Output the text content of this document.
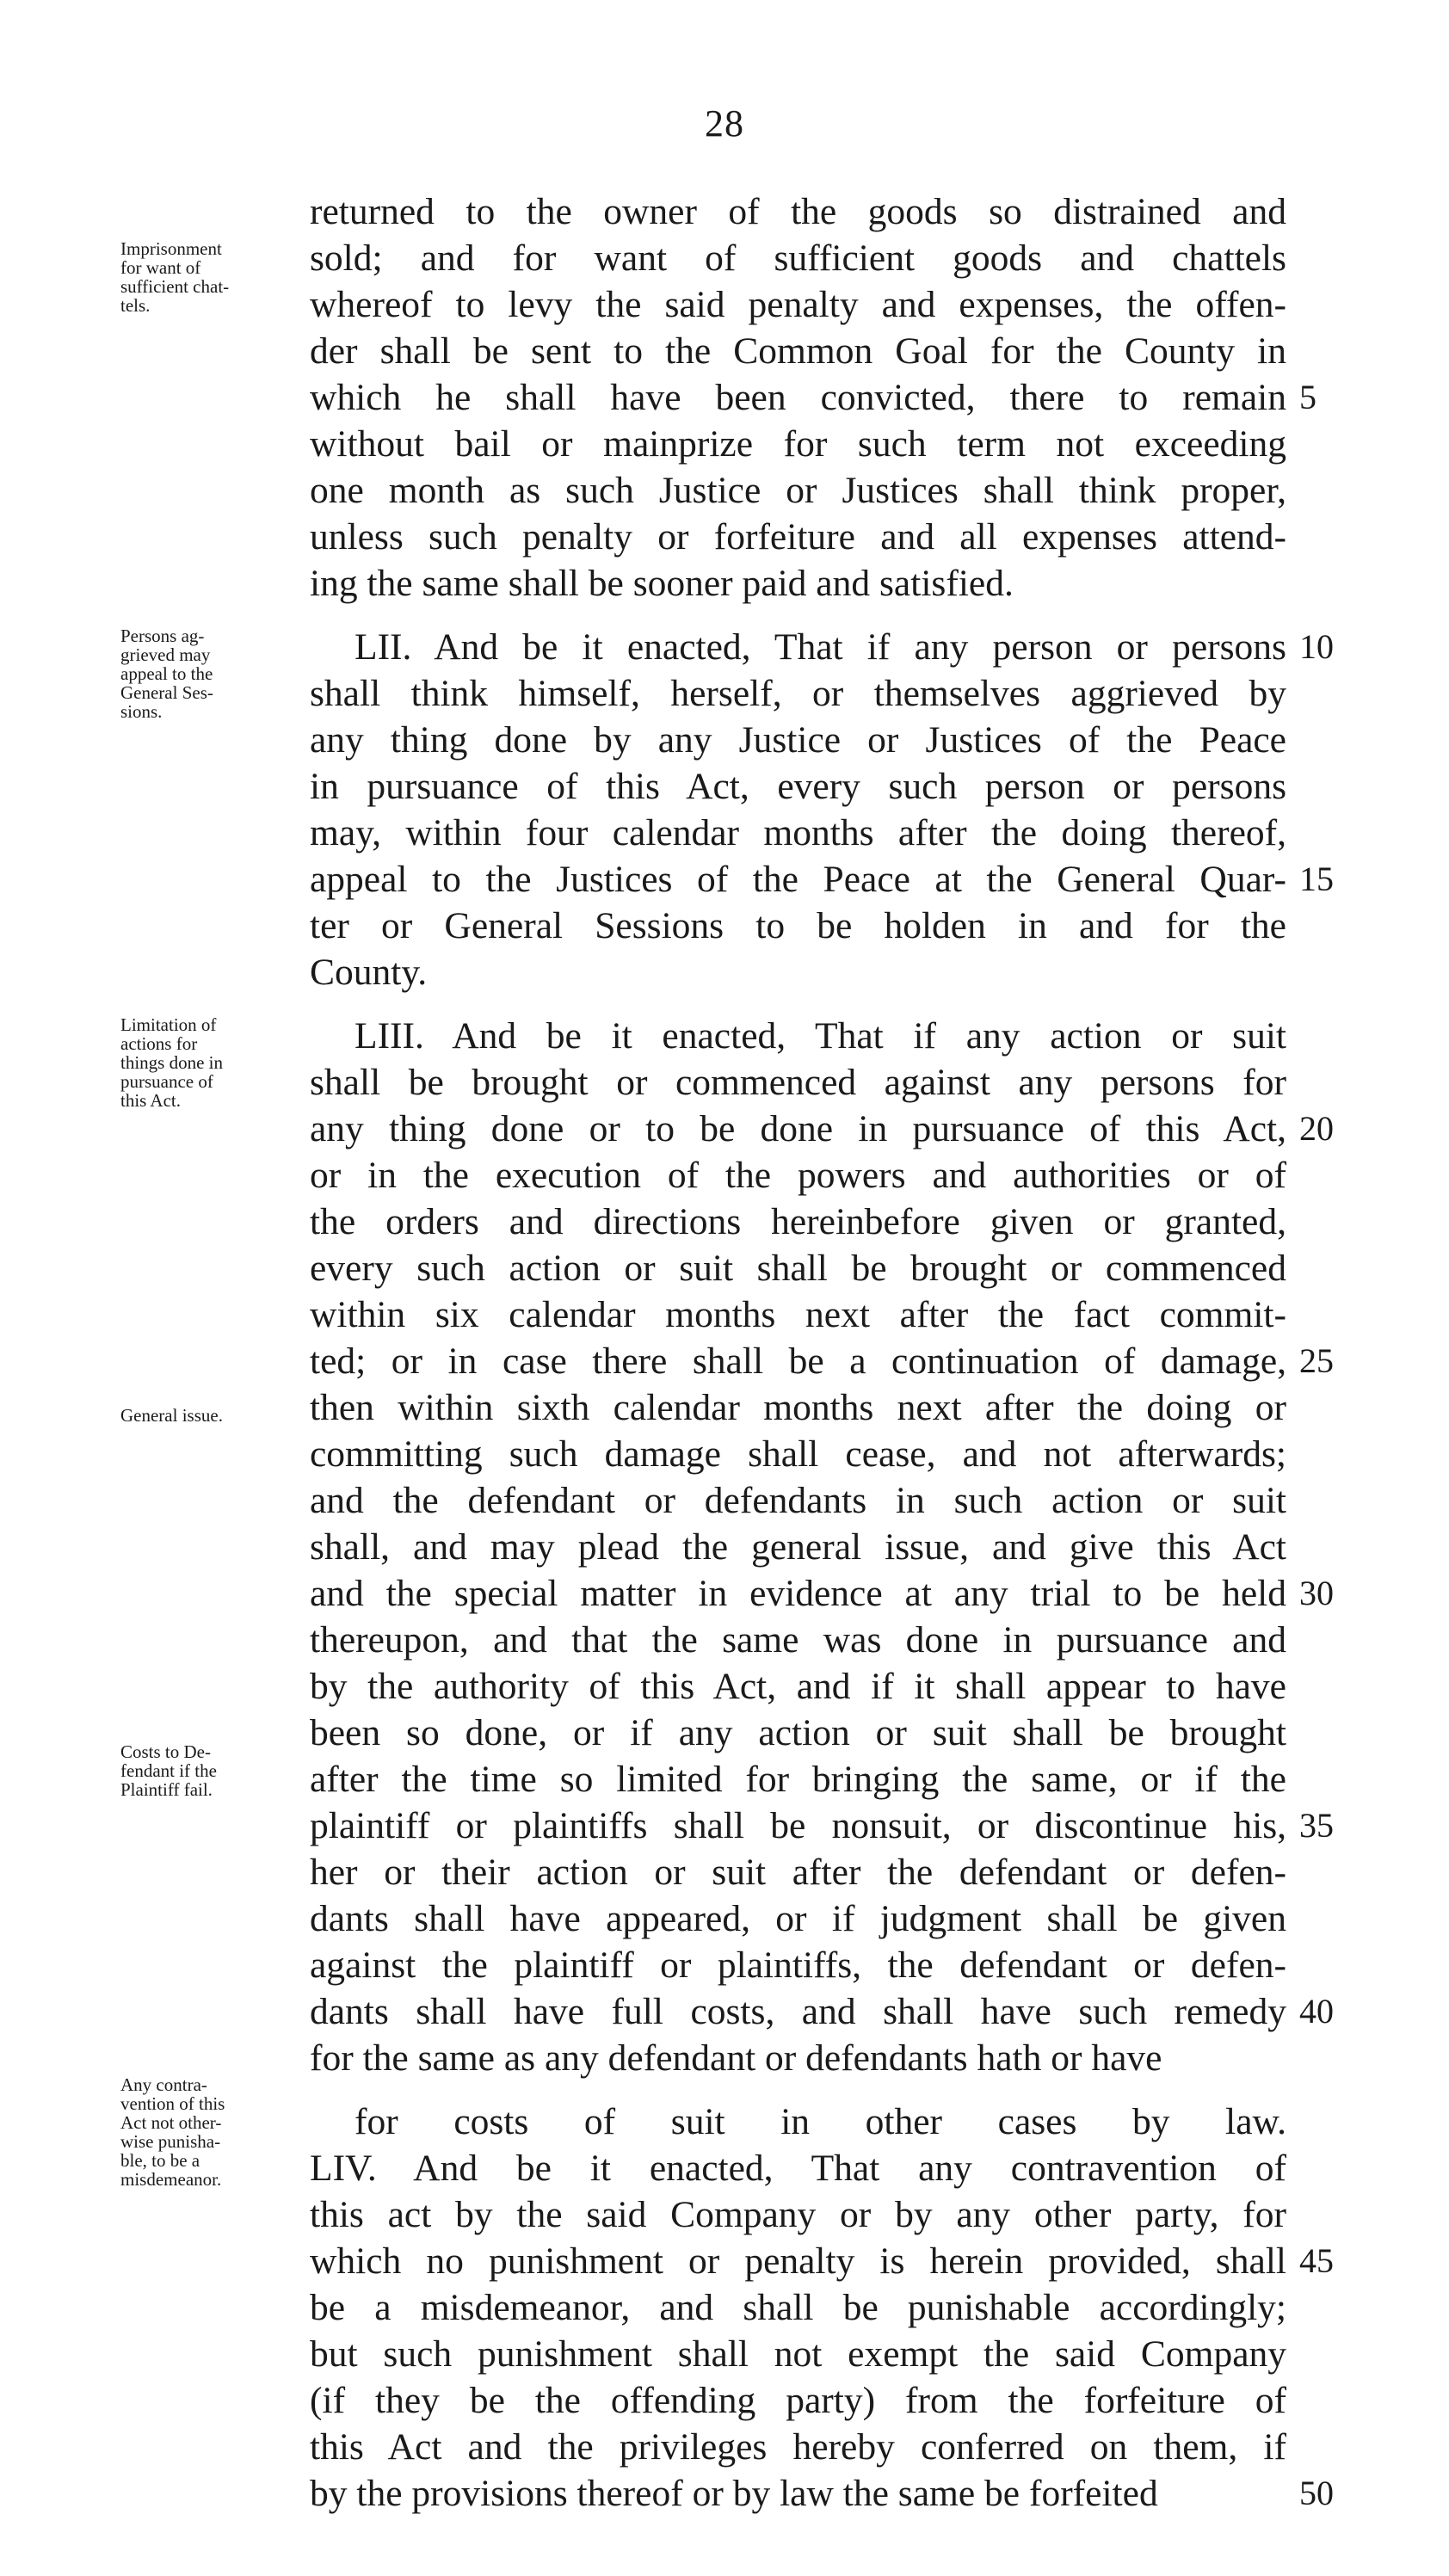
28
Imprisonment
for want of
sufficient chat-
tels.
Persons ag-
grieved may
appeal to the
General Ses-
sions.
Limitation of
actions for
things done in
pursuance of
this Act.
General issue.
Costs to De-
fendant if the
Plaintiff fail.
Any contra-
vention of this
Act not other-
wise punisha-
ble, to be a
misdemeanor.
returned to the owner of the goods so distrained and
sold; and for want of sufficient goods and chattels
whereof to levy the said penalty and expenses, the offen-
der shall be sent to the Common Goal for the County in
which he shall have been convicted, there to remain
without bail or mainprize for such term not exceeding
one month as such Justice or Justices shall think proper,
unless such penalty or forfeiture and all expenses attend-
ing the same shall be sooner paid and satisfied.
LII. And be it enacted, That if any person or persons
shall think himself, herself, or themselves aggrieved by
any thing done by any Justice or Justices of the Peace
in pursuance of this Act, every such person or persons
may, within four calendar months after the doing thereof,
appeal to the Justices of the Peace at the General Quar-
ter or General Sessions to be holden in and for the
County.
LIII. And be it enacted, That if any action or suit
shall be brought or commenced against any persons for
any thing done or to be done in pursuance of this Act,
or in the execution of the powers and authorities or of
the orders and directions hereinbefore given or granted,
every such action or suit shall be brought or commenced
within six calendar months next after the fact commit-
ted; or in case there shall be a continuation of damage,
then within sixth calendar months next after the doing or
committing such damage shall cease, and not afterwards;
and the defendant or defendants in such action or suit
shall, and may plead the general issue, and give this Act
and the special matter in evidence at any trial to be held
thereupon, and that the same was done in pursuance and
by the authority of this Act, and if it shall appear to have
been so done, or if any action or suit shall be brought
after the time so limited for bringing the same, or if the
plaintiff or plaintiffs shall be nonsuit, or discontinue his,
her or their action or suit after the defendant or defen-
dants shall have appeared, or if judgment shall be given
against the plaintiff or plaintiffs, the defendant or defen-
dants shall have full costs, and shall have such remedy
for the same as any defendant or defendants hath or have
for costs of suit in other cases by law.
LIV. And be it enacted, That any contravention of
this act by the said Company or by any other party, for
which no punishment or penalty is herein provided, shall
be a misdemeanor, and shall be punishable accordingly;
but such punishment shall not exempt the said Company
(if they be the offending party) from the forfeiture of
this Act and the privileges hereby conferred on them, if
by the provisions thereof or by law the same be forfeited
5
10
15
20
25
30
35
40
45
50
